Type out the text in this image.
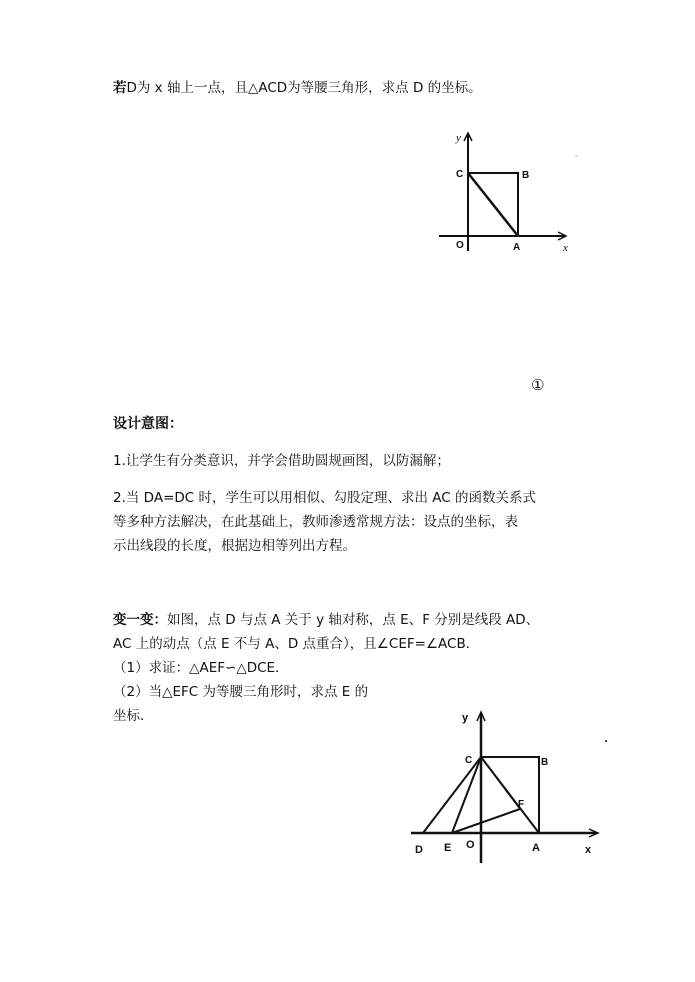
若D为 x 轴上一点，且△ACD为等腰三角形，求点 D 的坐标。
y
x
C	B
O	A
①
设计意图：
1.让学生有分类意识，并学会借助圆规画图，以防漏解；
2.当 DA=DC 时，学生可以用相似、勾股定理、求出 AC 的函数关系式
等多种方法解决，在此基础上，教师渗透常规方法：设点的坐标，表
示出线段的长度，根据边相等列出方程。
变一变：如图，点 D 与点 A 关于 y 轴对称，点 E、F 分别是线段 AD、
AC 上的动点（点 E 不与 A、D 点重合），且∠CEF=∠ACB．
（1）求证：△AEF∽△DCE．
（2）当△EFC 为等腰三角形时，求点 E 的
坐标．	y
x
C	B
F
D E O	A
